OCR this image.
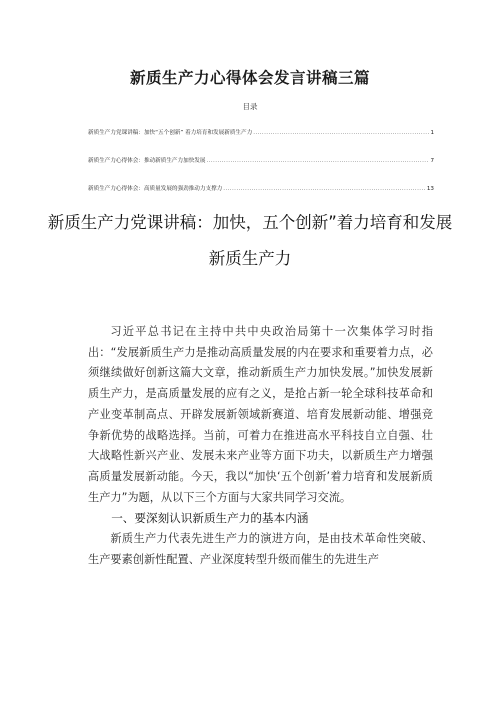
新质生产力心得体会发言讲稿三篇
目录
新质生产力党课讲稿：加快“五个创新” 着力培育和发展新质生产力 .....	1
新质生产力心得体会：推动新质生产力加快发展 .....	7
新质生产力心得体会：高质量发展的强劲推动力支撑力 .....	13
新质生产力党课讲稿：加快，五个创新”着力培育和发展新质生产力

习近平总书记在主持中共中央政治局第十一次集体学习时指出：“发展新质生产力是推动高质量发展的内在要求和重要着力点，必须继续做好创新这篇大文章，推动新质生产力加快发展。”加快发展新质生产力，是高质量发展的应有之义，是抢占新一轮全球科技革命和产业变革制高点、开辟发展新领域新赛道、培育发展新动能、增强竞争新优势的战略选择。当前，可着力在推进高水平科技自立自强、壮大战略性新兴产业、发展未来产业等方面下功夫，以新质生产力增强高质量发展新动能。今天，我以“加快‘五个创新’着力培育和发展新质生产力”为题，从以下三个方面与大家共同学习交流。

一、要深刻认识新质生产力的基本内涵

新质生产力代表先进生产力的演进方向，是由技术革命性突破、生产要素创新性配置、产业深度转型升级而催生的先进生产
